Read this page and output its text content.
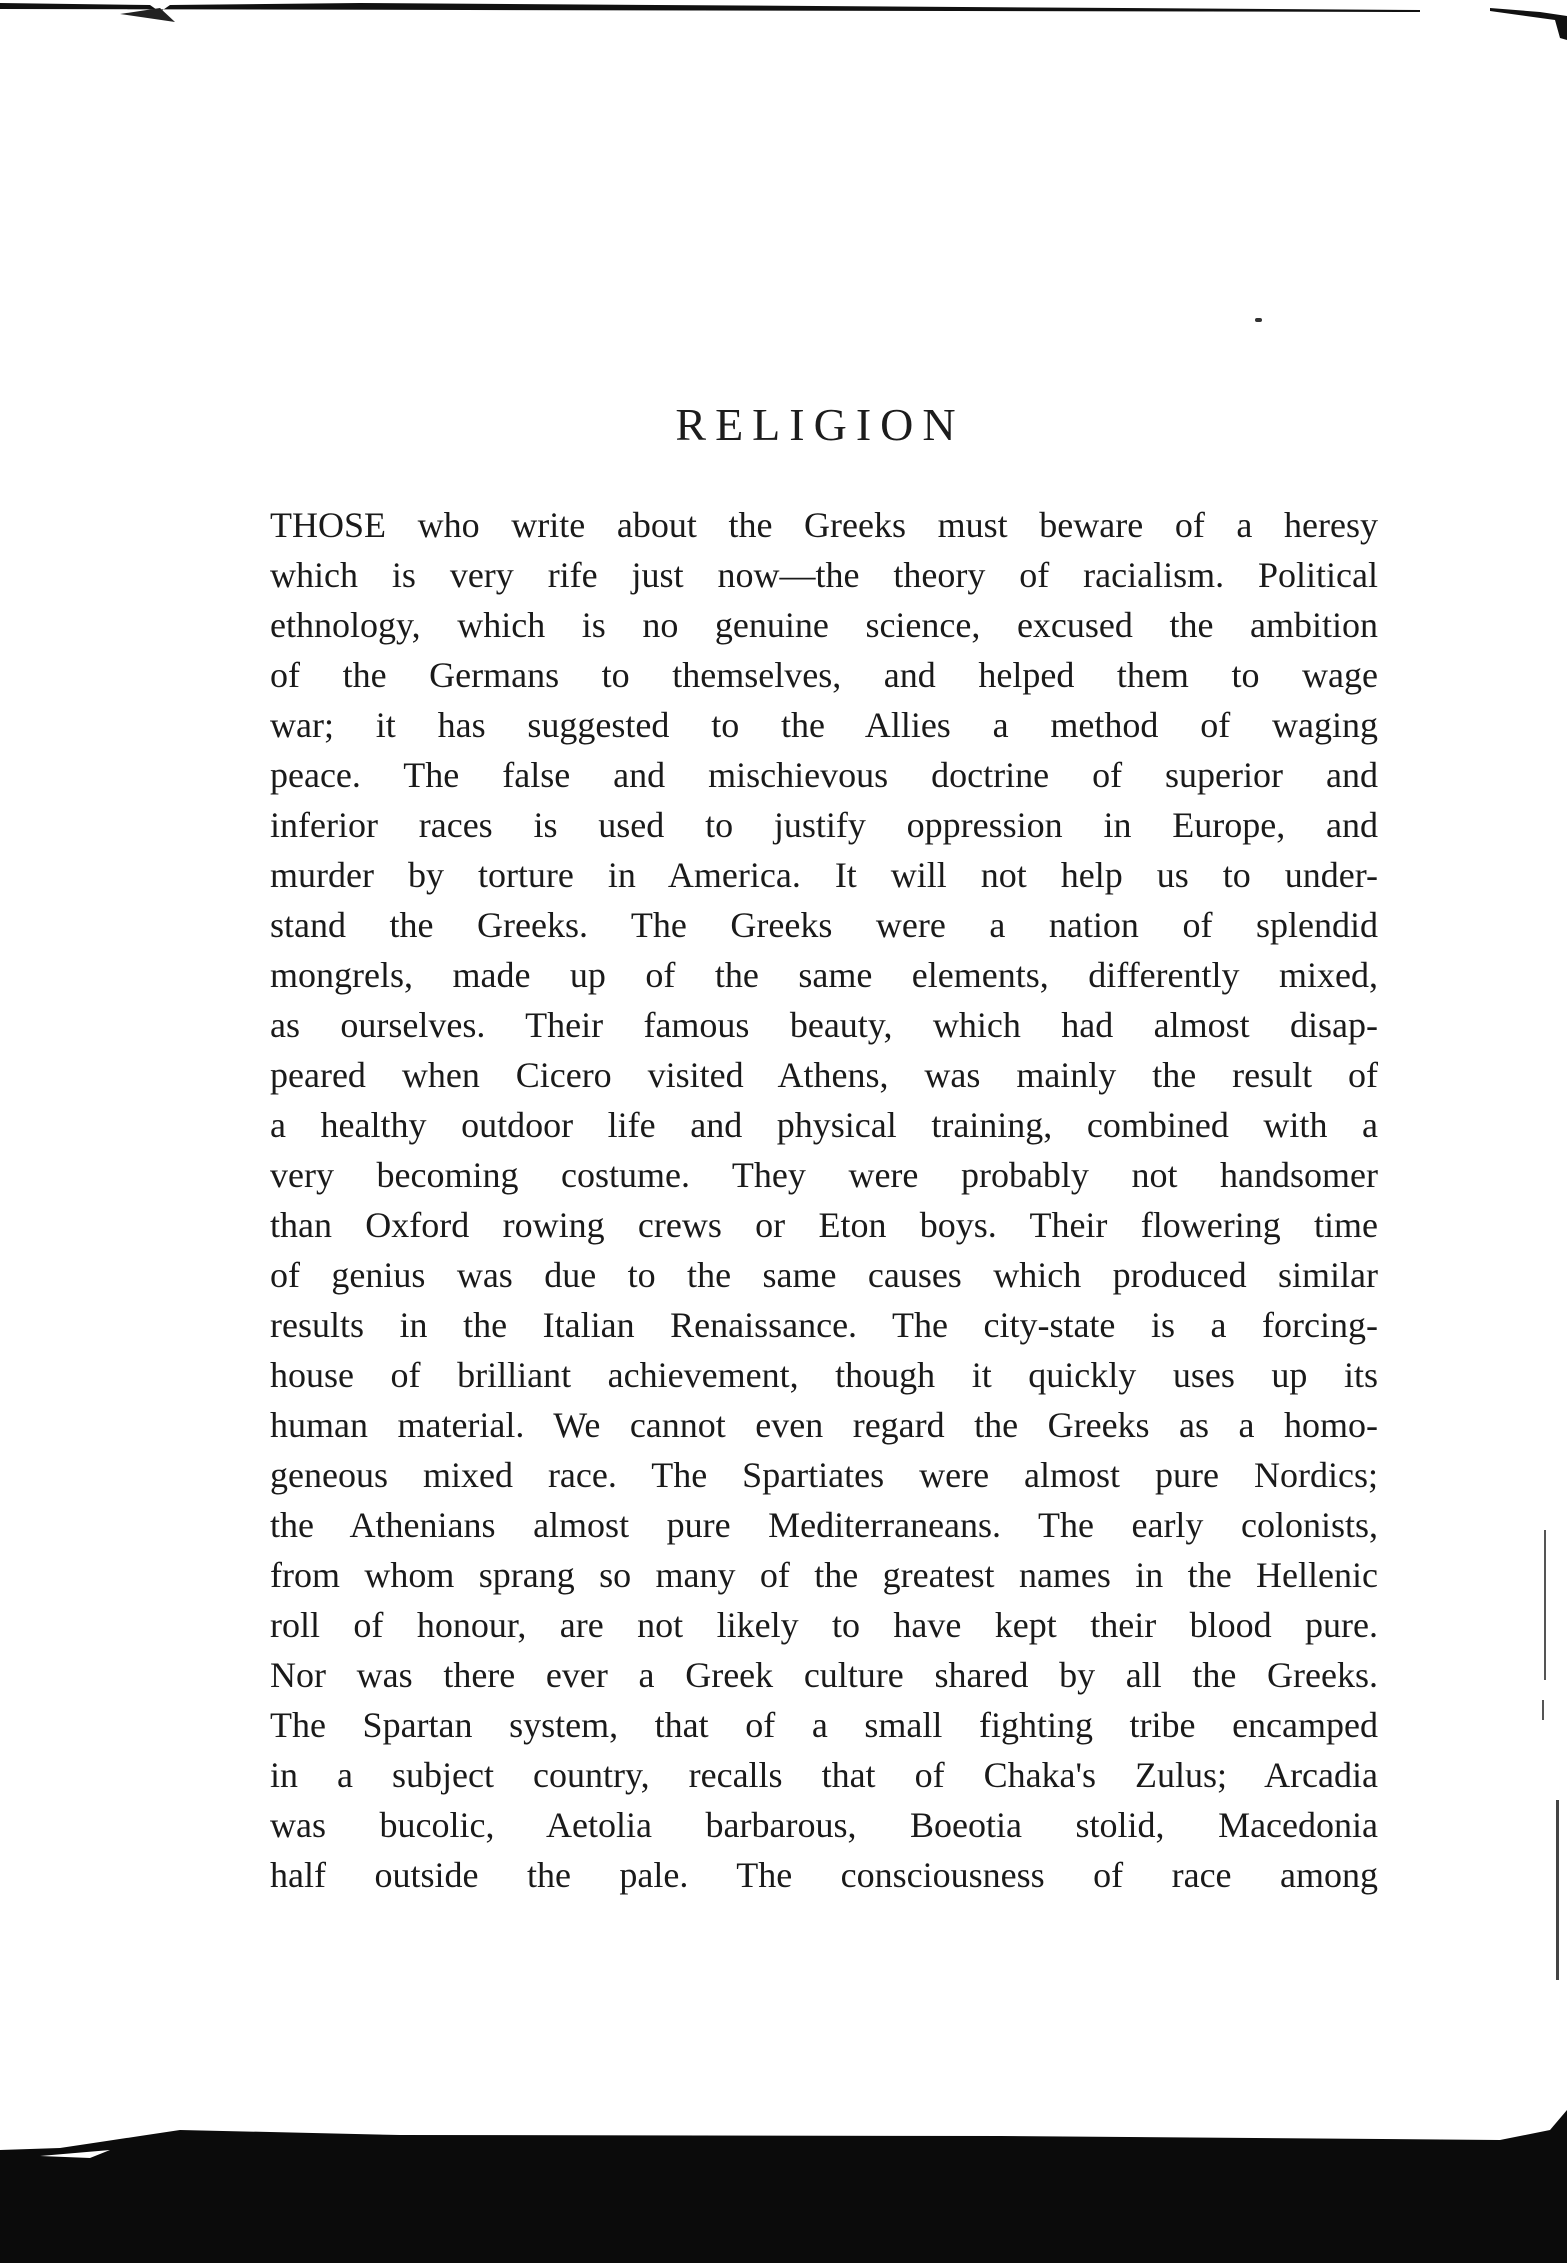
RELIGION
THOSE who write about the Greeks must beware of a heresy
which is very rife just now—the theory of racialism. Political
ethnology, which is no genuine science, excused the ambition
of the Germans to themselves, and helped them to wage
war; it has suggested to the Allies a method of waging
peace. The false and mischievous doctrine of superior and
inferior races is used to justify oppression in Europe, and
murder by torture in America. It will not help us to under-
stand the Greeks. The Greeks were a nation of splendid
mongrels, made up of the same elements, differently mixed,
as ourselves. Their famous beauty, which had almost disap-
peared when Cicero visited Athens, was mainly the result of
a healthy outdoor life and physical training, combined with a
very becoming costume. They were probably not handsomer
than Oxford rowing crews or Eton boys. Their flowering time
of genius was due to the same causes which produced similar
results in the Italian Renaissance. The city-state is a forcing-
house of brilliant achievement, though it quickly uses up its
human material. We cannot even regard the Greeks as a homo-
geneous mixed race. The Spartiates were almost pure Nordics;
the Athenians almost pure Mediterraneans. The early colonists,
from whom sprang so many of the greatest names in the Hellenic
roll of honour, are not likely to have kept their blood pure.
Nor was there ever a Greek culture shared by all the Greeks.
The Spartan system, that of a small fighting tribe encamped
in a subject country, recalls that of Chaka's Zulus; Arcadia
was bucolic, Aetolia barbarous, Boeotia stolid, Macedonia
half outside the pale. The consciousness of race among
